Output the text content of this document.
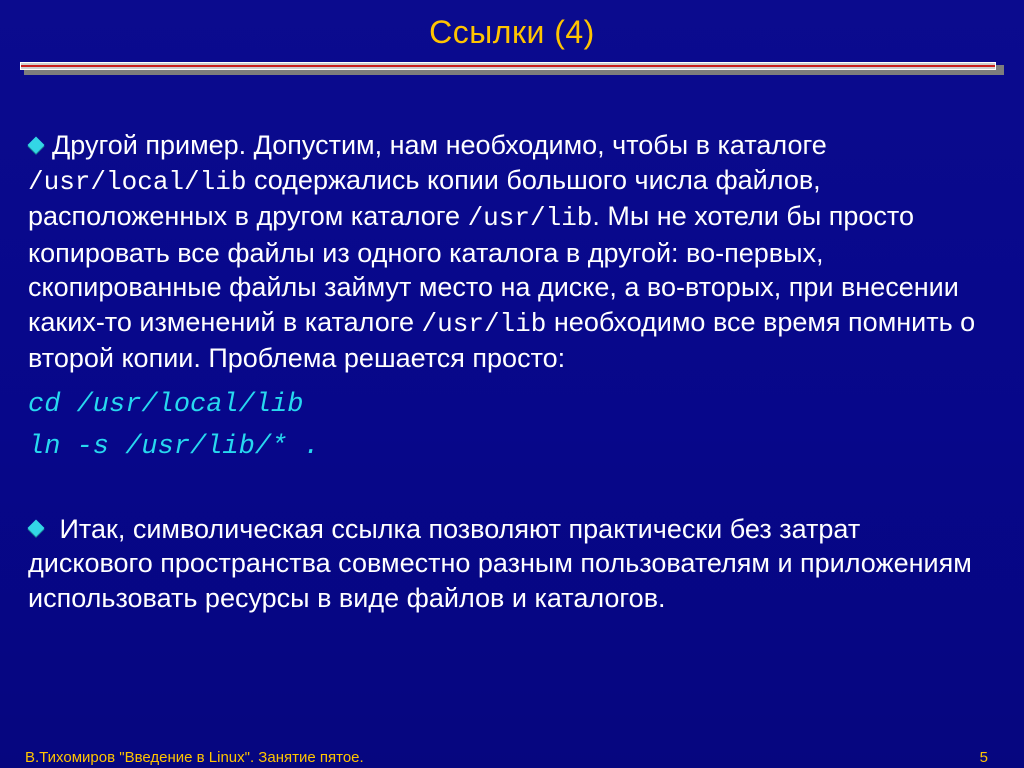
Ссылки (4)

Другой пример. Допустим, нам необходимо, чтобы в каталоге /usr/local/lib содержались копии большого числа файлов, расположенных в другом каталоге /usr/lib. Мы не хотели бы просто копировать все файлы из одного каталога в другой: во-первых, скопированные файлы займут место на диске, а во-вторых, при внесении каких-то изменений в каталоге /usr/lib необходимо все время помнить о второй копии. Проблема решается просто:

cd /usr/local/lib
ln -s /usr/lib/* .

Итак, символическая ссылка позволяют практически без затрат дискового пространства совместно разным пользователям и приложениям использовать ресурсы в виде файлов и каталогов.

В.Тихомиров "Введение в Linux". Занятие пятое.	5
